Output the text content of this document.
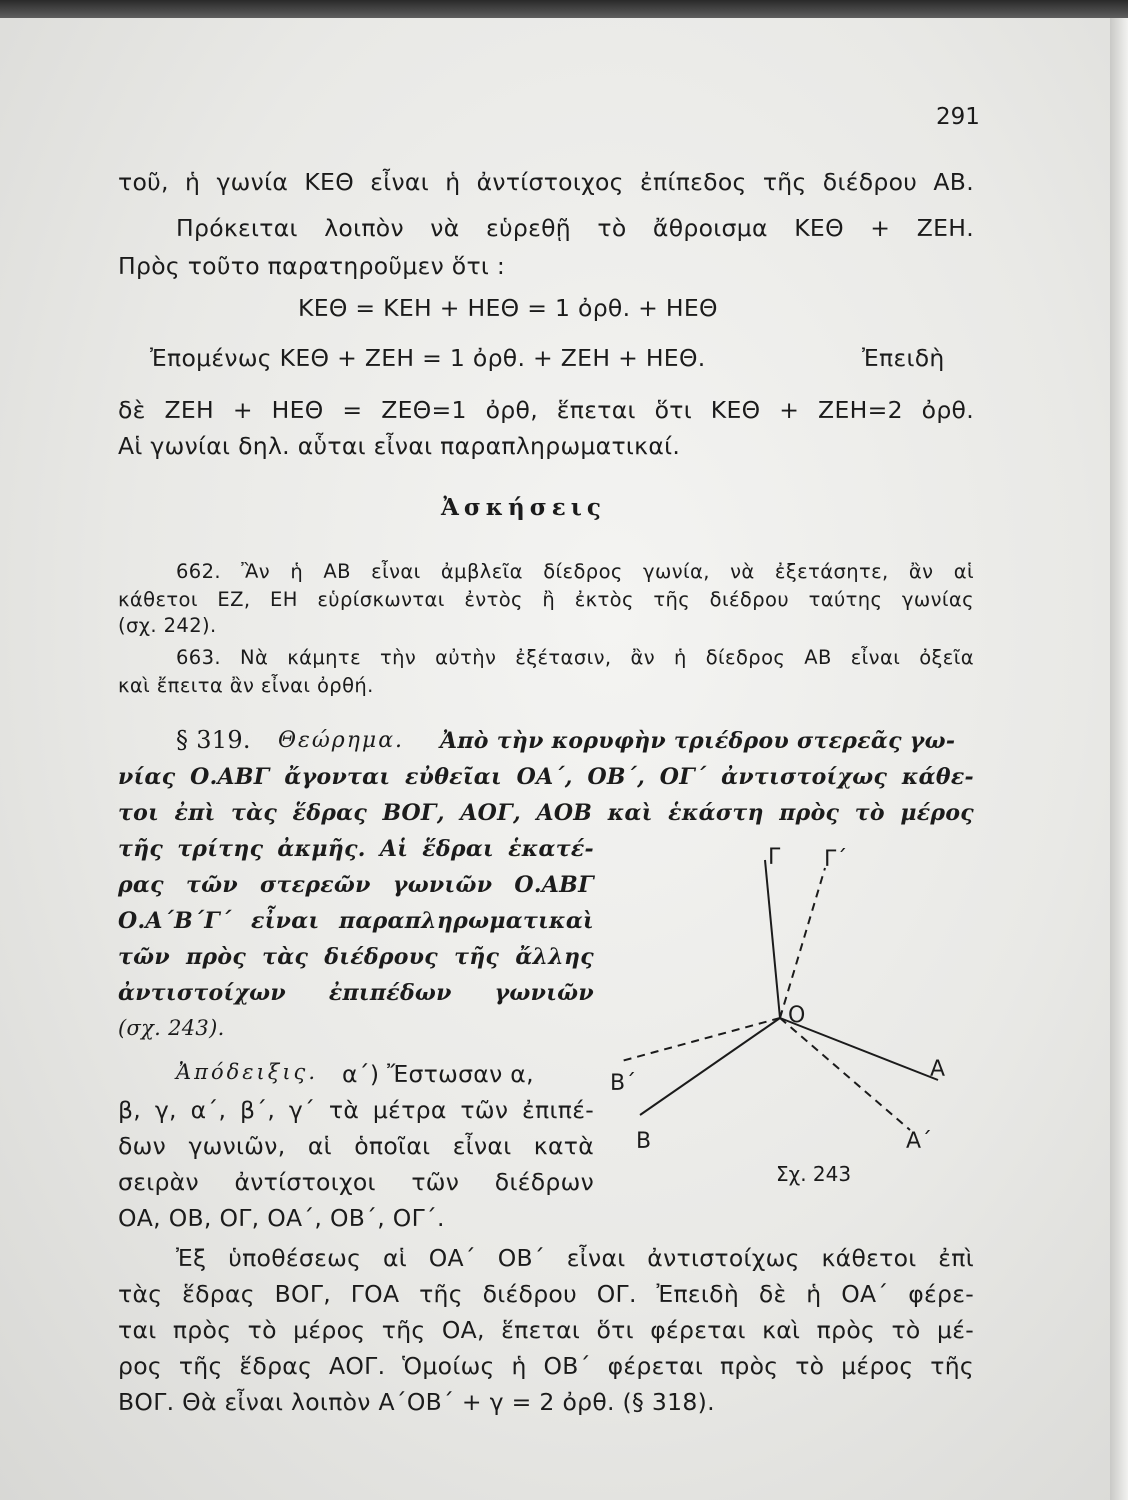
291
τοῦ, ἡ γωνία ΚΕΘ εἶναι ἡ ἀντίστοιχος ἐπίπεδος τῆς διέδρου ΑΒ.
Πρόκειται λοιπὸν νὰ εὑρεθῇ τὸ ἄθροισμα ΚΕΘ + ΖΕΗ.
Πρὸς τοῦτο παρατηροῦμεν ὅτι :
ΚΕΘ = ΚΕΗ + ΗΕΘ = 1 ὀρθ. + ΗΕΘ
Ἐπομένως ΚΕΘ + ΖΕΗ = 1 ὀρθ. + ΖΕΗ + ΗΕΘ.	Ἐπειδὴ
δὲ ΖΕΗ + ΗΕΘ = ΖΕΘ=1 ὀρθ, ἕπεται ὅτι ΚΕΘ + ΖΕΗ=2 ὀρθ.
Αἱ γωνίαι δηλ. αὗται εἶναι παραπληρωματικαί.
Ἀσκήσεις
662. Ἂν ἡ ΑΒ εἶναι ἀμβλεῖα δίεδρος γωνία, νὰ ἐξετάσητε, ἂν αἱ
κάθετοι ΕΖ, ΕΗ εὑρίσκωνται ἐντὸς ἢ ἐκτὸς τῆς διέδρου ταύτης γωνίας
(σχ. 242).
663. Νὰ κάμητε τὴν αὐτὴν ἐξέτασιν, ἂν ἡ δίεδρος ΑΒ εἶναι ὀξεῖα
καὶ ἔπειτα ἂν εἶναι ὀρθή.
§ 319. Θεώρημα. Ἀπὸ τὴν κορυφὴν τριέδρου στερεᾶς γω-
νίας Ο.ΑΒΓ ἄγονται εὐθεῖαι ΟΑ΄, ΟΒ΄, ΟΓ΄ ἀντιστοίχως κάθε-
τοι ἐπὶ τὰς ἕδρας ΒΟΓ, ΑΟΓ, ΑΟΒ καὶ ἑκάστη πρὸς τὸ μέρος
τῆς τρίτης ἀκμῆς. Αἱ ἕδραι ἑκατέ-
ρας τῶν στερεῶν γωνιῶν Ο.ΑΒΓ
Ο.Α΄Β΄Γ΄ εἶναι παραπληρωματικαὶ
τῶν πρὸς τὰς διέδρους τῆς ἄλλης
ἀντιστοίχων ἐπιπέδων γωνιῶν
(σχ. 243).
Ἀπόδειξις. α΄) Ἔστωσαν α,
β, γ, α΄, β΄, γ΄ τὰ μέτρα τῶν ἐπιπέ-
δων γωνιῶν, αἱ ὁποῖαι εἶναι κατὰ
σειρὰν ἀντίστοιχοι τῶν διέδρων
ΟΑ, ΟΒ, ΟΓ, ΟΑ΄, ΟΒ΄, ΟΓ΄.
Ἐξ ὑποθέσεως αἱ ΟΑ΄ ΟΒ΄ εἶναι ἀντιστοίχως κάθετοι ἐπὶ
τὰς ἕδρας ΒΟΓ, ΓΟΑ τῆς διέδρου ΟΓ. Ἐπειδὴ δὲ ἡ ΟΑ΄ φέρε-
ται πρὸς τὸ μέρος τῆς ΟΑ, ἕπεται ὅτι φέρεται καὶ πρὸς τὸ μέ-
ρος τῆς ἕδρας ΑΟΓ. Ὁμοίως ἡ ΟΒ΄ φέρεται πρὸς τὸ μέρος τῆς
ΒΟΓ. Θὰ εἶναι λοιπὸν Α΄ΟΒ΄ + γ = 2 ὀρθ. (§ 318).
Γ Γ΄
Ο
Α
Α΄
Β
Β΄
Σχ. 243
